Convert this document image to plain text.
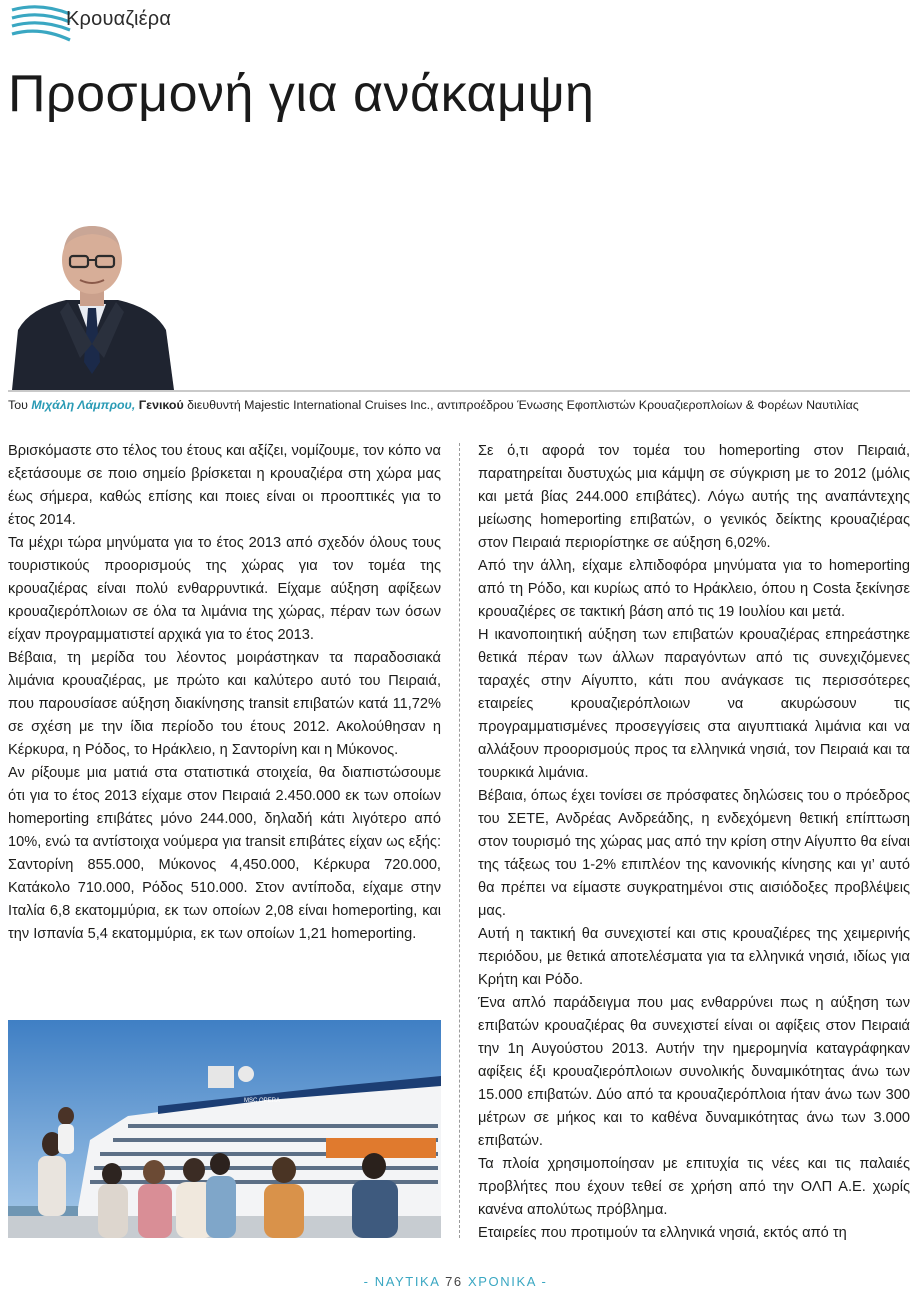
Κρουαζιέρα
Προσμονή για ανάκαμψη
Του Μιχάλη Λάμπρου, Γενικού διευθυντή Majestic International Cruises Inc., αντιπροέδρου Ένωσης Εφοπλιστών Κρουαζιεροπλοίων & Φορέων Ναυτιλίας

Βρισκόμαστε στο τέλος του έτους και αξίζει, νομίζουμε, τον κόπο να εξετάσουμε σε ποιο σημείο βρίσκεται η κρουαζιέρα στη χώρα μας έως σήμερα, καθώς επίσης και ποιες είναι οι προοπτικές για το έτος 2014.

Τα μέχρι τώρα μηνύματα για το έτος 2013 από σχεδόν όλους τους τουριστικούς προορισμούς της χώρας για τον τομέα της κρουαζιέρας είναι πολύ ενθαρρυντικά. Είχαμε αύξηση αφίξεων κρουαζιερόπλοιων σε όλα τα λιμάνια της χώρας, πέραν των όσων είχαν προγραμματιστεί αρχικά για το έτος 2013.

Βέβαια, τη μερίδα του λέοντος μοιράστηκαν τα παραδοσιακά λιμάνια κρουαζιέρας, με πρώτο και καλύτερο αυτό του Πειραιά, που παρουσίασε αύξηση διακίνησης transit επιβατών κατά 11,72% σε σχέση με την ίδια περίοδο του έτους 2012. Ακολούθησαν η Κέρκυρα, η Ρόδος, το Ηράκλειο, η Σαντορίνη και η Μύκονος.

Αν ρίξουμε μια ματιά στα στατιστικά στοιχεία, θα διαπιστώσουμε ότι για το έτος 2013 είχαμε στον Πειραιά 2.450.000 εκ των οποίων homeporting επιβάτες μόνο 244.000, δηλαδή κάτι λιγότερο από 10%, ενώ τα αντίστοιχα νούμερα για transit επιβάτες είχαν ως εξής: Σαντορίνη 855.000, Μύκονος 4,450.000, Κέρκυρα 720.000, Κατάκολο 710.000, Ρόδος 510.000. Στον αντίποδα, είχαμε στην Ιταλία 6,8 εκατομμύρια, εκ των οποίων 2,08 είναι homeporting, και την Ισπανία 5,4 εκατομμύρια, εκ των οποίων 1,21 homeporting.

Σε ό,τι αφορά τον τομέα του homeporting στον Πειραιά, παρατηρείται δυστυχώς μια κάμψη σε σύγκριση με το 2012 (μόλις και μετά βίας 244.000 επιβάτες). Λόγω αυτής της αναπάντεχης μείωσης homeporting επιβατών, ο γενικός δείκτης κρουαζιέρας στον Πειραιά περιορίστηκε σε αύξηση 6,02%.

Από την άλλη, είχαμε ελπιδοφόρα μηνύματα για το homeporting από τη Ρόδο, και κυρίως από το Ηράκλειο, όπου η Costa ξεκίνησε κρουαζιέρες σε τακτική βάση από τις 19 Ιουλίου και μετά.

Η ικανοποιητική αύξηση των επιβατών κρουαζιέρας επηρεάστηκε θετικά πέραν των άλλων παραγόντων από τις συνεχιζόμενες ταραχές στην Αίγυπτο, κάτι που ανάγκασε τις περισσότερες εταιρείες κρουαζιερόπλοιων να ακυρώσουν τις προγραμματισμένες προσεγγίσεις στα αιγυπτιακά λιμάνια και να αλλάξουν προορισμούς προς τα ελληνικά νησιά, τον Πειραιά και τα τουρκικά λιμάνια.

Βέβαια, όπως έχει τονίσει σε πρόσφατες δηλώσεις του ο πρόεδρος του ΣΕΤΕ, Ανδρέας Ανδρεάδης, η ενδεχόμενη θετική επίπτωση στον τουρισμό της χώρας μας από την κρίση στην Αίγυπτο θα είναι της τάξεως του 1-2% επιπλέον της κανονικής κίνησης και γι’ αυτό θα πρέπει να είμαστε συγκρατημένοι στις αισιόδοξες προβλέψεις μας.

Αυτή η τακτική θα συνεχιστεί και στις κρουαζιέρες της χειμερινής περιόδου, με θετικά αποτελέσματα για τα ελληνικά νησιά, ιδίως για Κρήτη και Ρόδο.

Ένα απλό παράδειγμα που μας ενθαρρύνει πως η αύξηση των επιβατών κρουαζιέρας θα συνεχιστεί είναι οι αφίξεις στον Πειραιά την 1η Αυγούστου 2013. Αυτήν την ημερομηνία καταγράφηκαν αφίξεις έξι κρουαζιερόπλοιων συνολικής δυναμικότητας άνω των 15.000 επιβατών. Δύο από τα κρουαζιερόπλοια ήταν άνω των 300 μέτρων σε μήκος και το καθένα δυναμικότητας άνω των 3.000 επιβατών.

Τα πλοία χρησιμοποίησαν με επιτυχία τις νέες και τις παλαιές προβλήτες που έχουν τεθεί σε χρήση από την ΟΛΠ Α.Ε. χωρίς κανένα απολύτως πρόβλημα.

Εταιρείες που προτιμούν τα ελληνικά νησιά, εκτός από τη

MSC OPERA
- ΝΑΥΤΙΚΑ 76 ΧΡΟΝΙΚΑ -
